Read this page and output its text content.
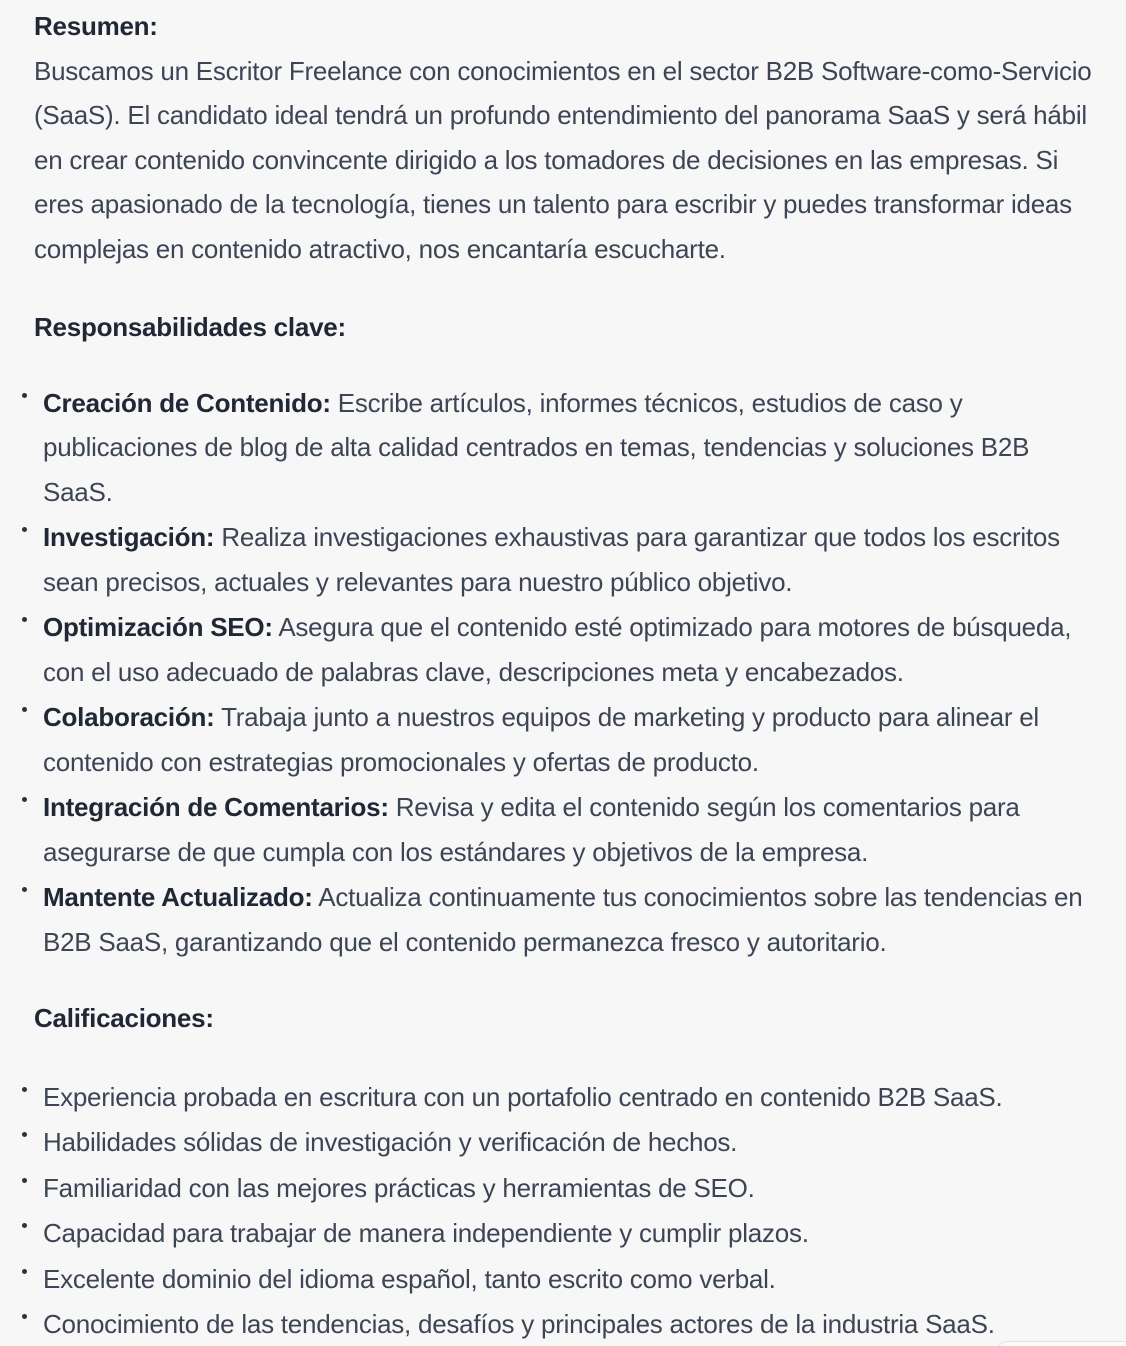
Resumen:

Buscamos un Escritor Freelance con conocimientos en el sector B2B Software-como-Servicio (SaaS). El candidato ideal tendrá un profundo entendimiento del panorama SaaS y será hábil en crear contenido convincente dirigido a los tomadores de decisiones en las empresas. Si eres apasionado de la tecnología, tienes un talento para escribir y puedes transformar ideas complejas en contenido atractivo, nos encantaría escucharte.

Responsabilidades clave:

Creación de Contenido: Escribe artículos, informes técnicos, estudios de caso y publicaciones de blog de alta calidad centrados en temas, tendencias y soluciones B2B SaaS.
Investigación: Realiza investigaciones exhaustivas para garantizar que todos los escritos sean precisos, actuales y relevantes para nuestro público objetivo.
Optimización SEO: Asegura que el contenido esté optimizado para motores de búsqueda, con el uso adecuado de palabras clave, descripciones meta y encabezados.
Colaboración: Trabaja junto a nuestros equipos de marketing y producto para alinear el contenido con estrategias promocionales y ofertas de producto.
Integración de Comentarios: Revisa y edita el contenido según los comentarios para asegurarse de que cumpla con los estándares y objetivos de la empresa.
Mantente Actualizado: Actualiza continuamente tus conocimientos sobre las tendencias en B2B SaaS, garantizando que el contenido permanezca fresco y autoritario.

Calificaciones:

Experiencia probada en escritura con un portafolio centrado en contenido B2B SaaS.
Habilidades sólidas de investigación y verificación de hechos.
Familiaridad con las mejores prácticas y herramientas de SEO.
Capacidad para trabajar de manera independiente y cumplir plazos.
Excelente dominio del idioma español, tanto escrito como verbal.
Conocimiento de las tendencias, desafíos y principales actores de la industria SaaS.
